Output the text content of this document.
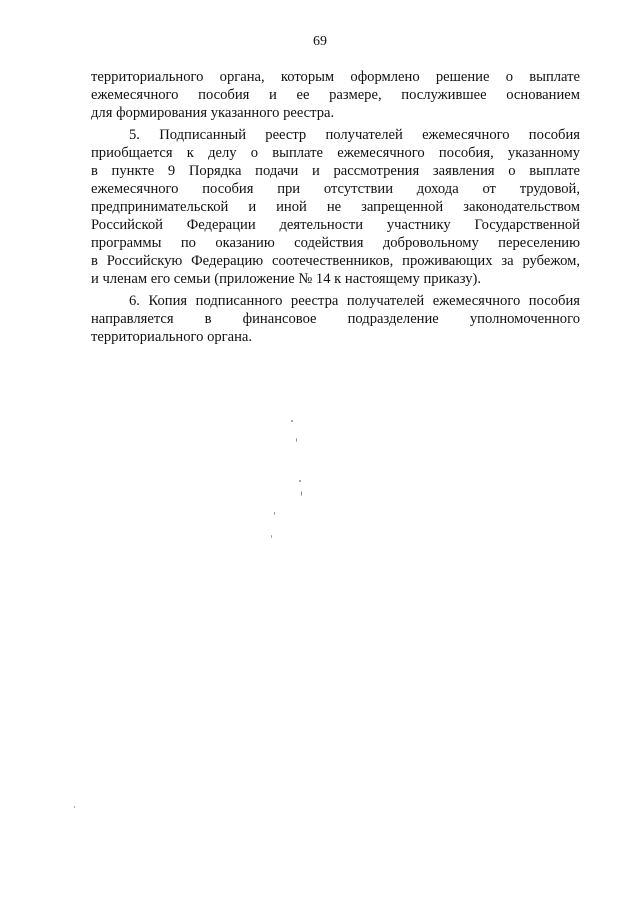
69
территориального органа, которым оформлено решение о выплате
ежемесячного пособия и ее размере, послужившее основанием
для формирования указанного реестра.
5. Подписанный реестр получателей ежемесячного пособия
приобщается к делу о выплате ежемесячного пособия, указанному
в пункте 9 Порядка подачи и рассмотрения заявления о выплате
ежемесячного пособия при отсутствии дохода от трудовой,
предпринимательской и иной не запрещенной законодательством
Российской Федерации деятельности участнику Государственной
программы по оказанию содействия добровольному переселению
в Российскую Федерацию соотечественников, проживающих за рубежом,
и членам его семьи (приложение № 14 к настоящему приказу).
6. Копия подписанного реестра получателей ежемесячного пособия
направляется в финансовое подразделение уполномоченного
территориального органа.
